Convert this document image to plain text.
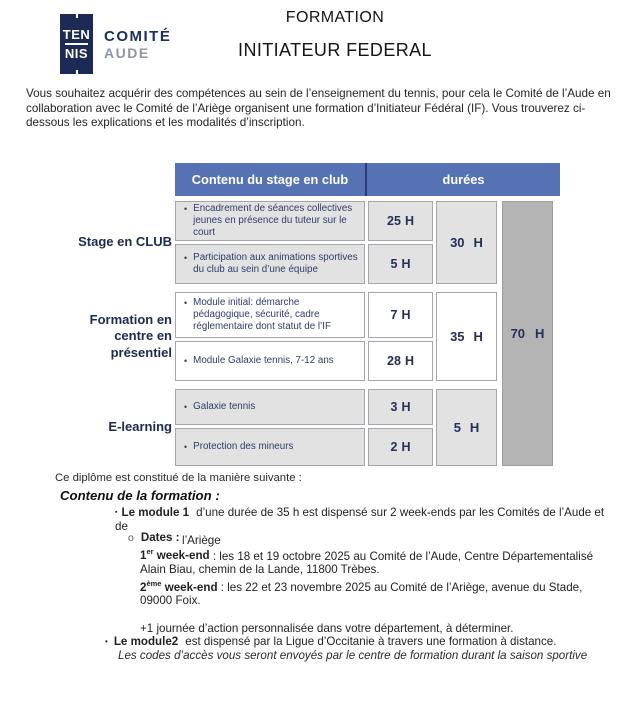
TEN
NIS
COMITÉ
AUDE
FORMATION
INITIATEUR FEDERAL

Vous souhaitez acquérir des compétences au sein de l’enseignement du tennis, pour cela le Comité de l’Aude en collaboration avec le Comité de l’Ariège organisent une formation d’Initiateur Fédéral (IF). Vous trouverez ci-dessous les explications et les modalités d’inscription.

Contenu du stage en club	durées
Stage en CLUB
• Encadrement de séances collectives jeunes en présence du tuteur sur le court
• Participation aux animations sportives du club au sein d’une équipe
25 H
5 H
30 H
Formation en centre en présentiel
• Module initial: démarche pédagogique, sécurité, cadre réglementaire dont statut de l’IF
• Module Galaxie tennis, 7-12 ans
7 H
28 H
35 H
E-learning
• Galaxie tennis
• Protection des mineurs
3 H
2 H
5 H
70 H
Ce diplôme est constitué de la manière suivante :
Contenu de la formation :
▪ Le module 1 d’une durée de 35 h est dispensé sur 2 week-ends par les Comités de l’Aude et de
l’Ariège
o Dates :

1er week-end : les 18 et 19 octobre 2025 au Comité de l’Aude, Centre Départementalisé Alain Biau, chemin de la Lande, 11800 Trèbes.

2ème week-end : les 22 et 23 novembre 2025 au Comité de l’Ariège, avenue du Stade, 09000 Foix.

+1 journée d’action personnalisée dans votre département, à déterminer.

• Le module2 est dispensé par la Ligue d’Occitanie à travers une formation à distance.
Les codes d’accès vous seront envoyés par le centre de formation durant la saison sportive
